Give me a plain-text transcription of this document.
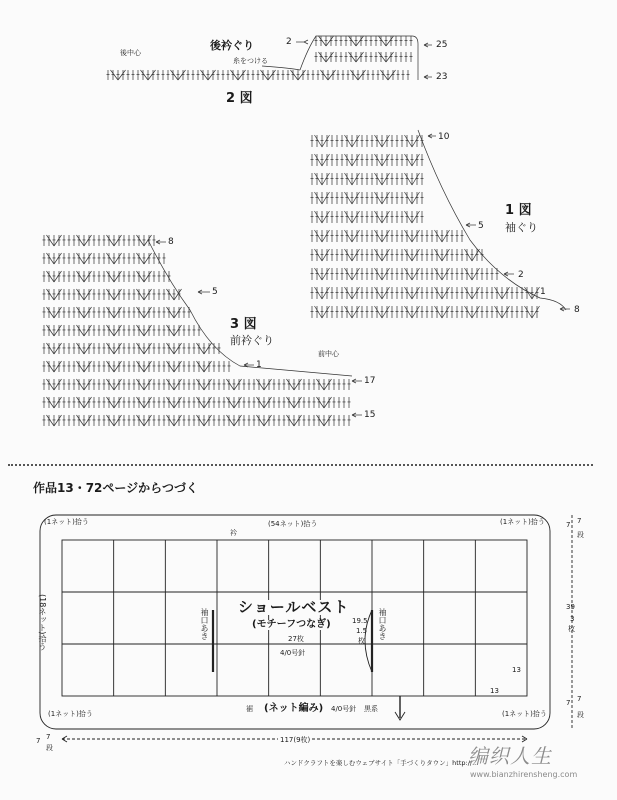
後衿ぐり
後中心
糸をつける
2 図
2	25
23
1 図
袖ぐり
10
5
2
1
8
3 図
前衿ぐり
前中心
8
5
1
17
15
作品13・72ページからつづく
(1ネット)拾う	(54ネット)拾う	(1ネット)拾う
衿
(18ネット)拾う
(1ネット)拾う	(1ネット)拾う
ショールベスト
(モチーフつなぎ)
27枚
4/0号針
袖口あき	袖口あき
19.5
1.5
枚
裾 (ネット編み) 4/0号針 黒系
13
13
7 7
段
39
3
枚
7 7
段
7 7
段
117(9枚)
ハンドクラフトを楽しむウェブサイト「手づくりタウン」http://...
编织人生
www.bianzhirensheng.com
